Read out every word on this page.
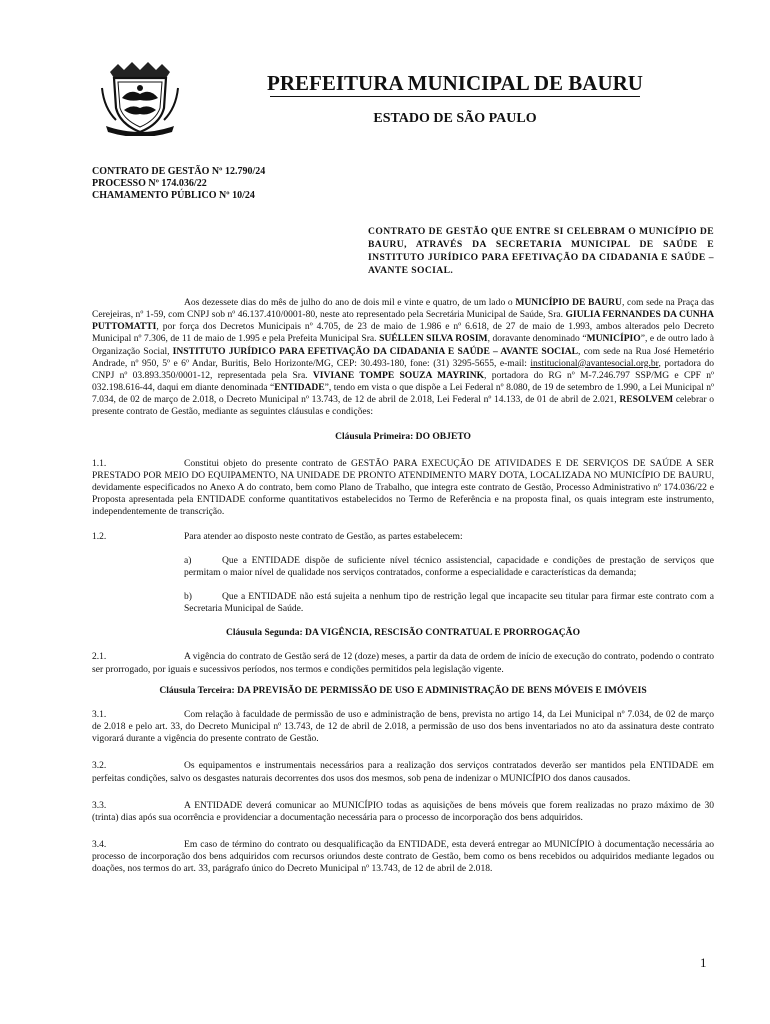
PREFEITURA MUNICIPAL DE BAURU
ESTADO DE SÃO PAULO
CONTRATO DE GESTÃO Nº 12.790/24
PROCESSO Nº 174.036/22
CHAMAMENTO PÚBLICO Nº 10/24
CONTRATO DE GESTÃO QUE ENTRE SI CELEBRAM O MUNICÍPIO DE BAURU, ATRAVÉS DA SECRETARIA MUNICIPAL DE SAÚDE E INSTITUTO JURÍDICO PARA EFETIVAÇÃO DA CIDADANIA E SAÚDE – AVANTE SOCIAL.

Aos dezessete dias do mês de julho do ano de dois mil e vinte e quatro, de um lado o MUNICÍPIO DE BAURU, com sede na Praça das Cerejeiras, nº 1-59, com CNPJ sob nº 46.137.410/0001-80, neste ato representado pela Secretária Municipal de Saúde, Sra. GIULIA FERNANDES DA CUNHA PUTTOMATTI, por força dos Decretos Municipais nº 4.705, de 23 de maio de 1.986 e nº 6.618, de 27 de maio de 1.993, ambos alterados pelo Decreto Municipal nº 7.306, de 11 de maio de 1.995 e pela Prefeita Municipal Sra. SUÉLLEN SILVA ROSIM, doravante denominado “MUNICÍPIO”, e de outro lado à Organização Social, INSTITUTO JURÍDICO PARA EFETIVAÇÃO DA CIDADANIA E SAÚDE – AVANTE SOCIAL, com sede na Rua José Hemetério Andrade, nº 950, 5º e 6º Andar, Buritis, Belo Horizonte/MG, CEP: 30.493-180, fone: (31) 3295-5655, e-mail: institucional@avantesocial.org.br, portadora do CNPJ nº 03.893.350/0001-12, representada pela Sra. VIVIANE TOMPE SOUZA MAYRINK, portadora do RG nº M-7.246.797 SSP/MG e CPF nº 032.198.616-44, daqui em diante denominada “ENTIDADE”, tendo em vista o que dispõe a Lei Federal nº 8.080, de 19 de setembro de 1.990, a Lei Municipal nº 7.034, de 02 de março de 2.018, o Decreto Municipal nº 13.743, de 12 de abril de 2.018, Lei Federal nº 14.133, de 01 de abril de 2.021, RESOLVEM celebrar o presente contrato de Gestão, mediante as seguintes cláusulas e condições:

Cláusula Primeira: DO OBJETO

1.1.	Constitui objeto do presente contrato de GESTÃO PARA EXECUÇÃO DE ATIVIDADES E DE SERVIÇOS DE SAÚDE A SER PRESTADO POR MEIO DO EQUIPAMENTO, NA UNIDADE DE PRONTO ATENDIMENTO MARY DOTA, LOCALIZADA NO MUNICÍPIO DE BAURU, devidamente especificados no Anexo A do contrato, bem como Plano de Trabalho, que integra este contrato de Gestão, Processo Administrativo nº 174.036/22 e Proposta apresentada pela ENTIDADE conforme quantitativos estabelecidos no Termo de Referência e na proposta final, os quais integram este instrumento, independentemente de transcrição.

1.2.	Para atender ao disposto neste contrato de Gestão, as partes estabelecem:

a)	Que a ENTIDADE dispõe de suficiente nível técnico assistencial, capacidade e condições de prestação de serviços que permitam o maior nível de qualidade nos serviços contratados, conforme a especialidade e características da demanda;

b)	Que a ENTIDADE não está sujeita a nenhum tipo de restrição legal que incapacite seu titular para firmar este contrato com a Secretaria Municipal de Saúde.

Cláusula Segunda: DA VIGÊNCIA, RESCISÃO CONTRATUAL E PRORROGAÇÃO

2.1.	A vigência do contrato de Gestão será de 12 (doze) meses, a partir da data de ordem de início de execução do contrato, podendo o contrato ser prorrogado, por iguais e sucessivos períodos, nos termos e condições permitidos pela legislação vigente.

Cláusula Terceira: DA PREVISÃO DE PERMISSÃO DE USO E ADMINISTRAÇÃO DE BENS MÓVEIS E IMÓVEIS

3.1.	Com relação à faculdade de permissão de uso e administração de bens, prevista no artigo 14, da Lei Municipal nº 7.034, de 02 de março de 2.018 e pelo art. 33, do Decreto Municipal nº 13.743, de 12 de abril de 2.018, a permissão de uso dos bens inventariados no ato da assinatura deste contrato vigorará durante a vigência do presente contrato de Gestão.

3.2.	Os equipamentos e instrumentais necessários para a realização dos serviços contratados deverão ser mantidos pela ENTIDADE em perfeitas condições, salvo os desgastes naturais decorrentes dos usos dos mesmos, sob pena de indenizar o MUNICÍPIO dos danos causados.

3.3.	A ENTIDADE deverá comunicar ao MUNICÍPIO todas as aquisições de bens móveis que forem realizadas no prazo máximo de 30 (trinta) dias após sua ocorrência e providenciar a documentação necessária para o processo de incorporação dos bens adquiridos.

3.4.	Em caso de término do contrato ou desqualificação da ENTIDADE, esta deverá entregar ao MUNICÍPIO à documentação necessária ao processo de incorporação dos bens adquiridos com recursos oriundos deste contrato de Gestão, bem como os bens recebidos ou adquiridos mediante legados ou doações, nos termos do art. 33, parágrafo único do Decreto Municipal nº 13.743, de 12 de abril de 2.018.

1
